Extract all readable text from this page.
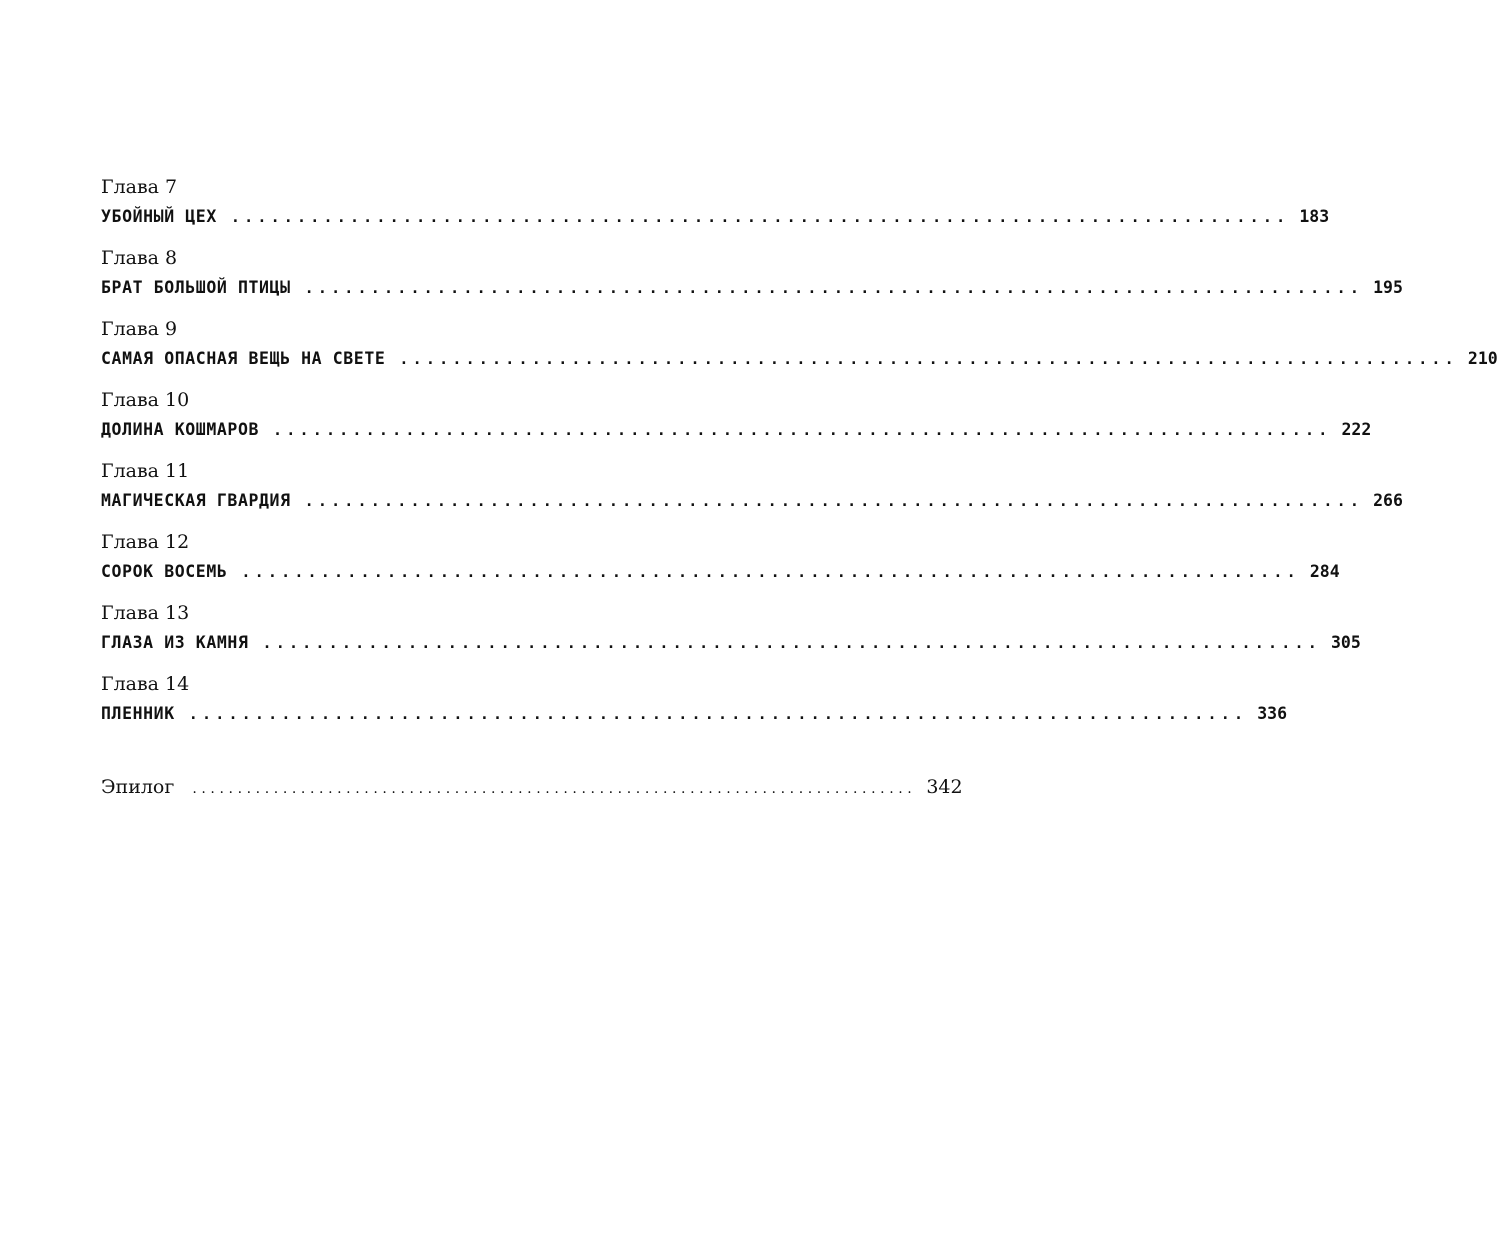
Глава 7
УБОЙНЫЙ ЦЕХ ................................................................................ 183
Глава 8
БРАТ БОЛЬШОЙ ПТИЦЫ ................................................................................ 195
Глава 9
САМАЯ ОПАСНАЯ ВЕЩЬ НА СВЕТЕ ................................................................................ 210
Глава 10
ДОЛИНА КОШМАРОВ ................................................................................ 222
Глава 11
МАГИЧЕСКАЯ ГВАРДИЯ ................................................................................ 266
Глава 12
СОРОК ВОСЕМЬ ................................................................................ 284
Глава 13
ГЛАЗА ИЗ КАМНЯ ................................................................................ 305
Глава 14
ПЛЕННИК ................................................................................ 336
Эпилог ................................................................................ 342
